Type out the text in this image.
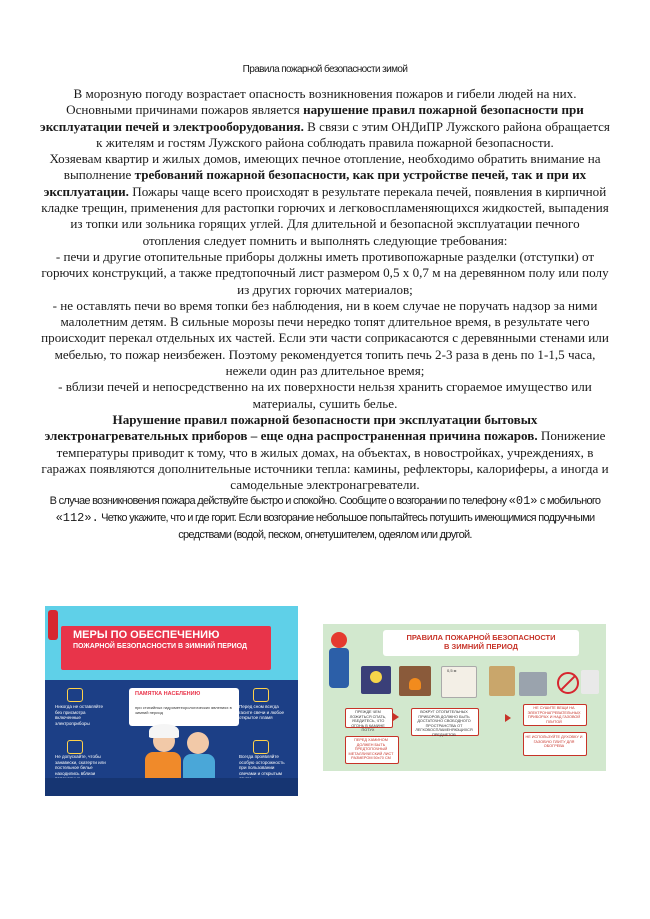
Правила пожарной безопасности зимой

В морозную погоду возрастает опасность возникновения пожаров и гибели людей на них. Основными причинами пожаров является нарушение правил пожарной безопасности при эксплуатации печей и электрооборудования. В связи с этим ОНДиПР Лужского района обращается к жителям и гостям Лужского района соблюдать правила пожарной безопасности.

Хозяевам квартир и жилых домов, имеющих печное отопление, необходимо обратить внимание на выполнение требований пожарной безопасности, как при устройстве печей, так и при их эксплуатации. Пожары чаще всего происходят в результате перекала печей, появления в кирпичной кладке трещин, применения для растопки горючих и легковоспламеняющихся жидкостей, выпадения из топки или зольника горящих углей. Для длительной и безопасной эксплуатации печного отопления следует помнить и выполнять следующие требования:

- печи и другие отопительные приборы должны иметь противопожарные разделки (отступки) от горючих конструкций, а также предтопочный лист размером 0,5 х 0,7 м на деревянном полу или полу из других горючих материалов;

- не оставлять печи во время топки без наблюдения, ни в коем случае не поручать надзор за ними малолетним детям. В сильные морозы печи нередко топят длительное время, в результате чего происходит перекал отдельных их частей. Если эти части соприкасаются с деревянными стенами или мебелью, то пожар неизбежен. Поэтому рекомендуется топить печь 2-3 раза в день по 1-1,5 часа, нежели один раз длительное время;

- вблизи печей и непосредственно на их поверхности нельзя хранить сгораемое имущество или материалы, сушить белье.

Нарушение правил пожарной безопасности при эксплуатации бытовых электронагревательных приборов – еще одна распространенная причина пожаров. Понижение температуры приводит к тому, что в жилых домах, на объектах, в новостройках, учреждениях, в гаражах появляются дополнительные источники тепла: камины, рефлекторы, калориферы, а иногда и самодельные электронагреватели.

В случае возникновения пожара действуйте быстро и спокойно. Сообщите о возгорании по телефону «01» с мобильного «112». Четко укажите, что и где горит. Если возгорание небольшое попытайтесь потушить имеющимися подручными средствами (водой, песком, огнетушителем, одеялом или другой.

МЕРЫ ПО ОБЕСПЕЧЕНИЮ
ПОЖАРНОЙ БЕЗОПАСНОСТИ В ЗИМНИЙ ПЕРИОД
ПАМЯТКА НАСЕЛЕНИЮ
при стихийных гидрометеорологических явлениях в зимний период
Никогда не оставляйте без присмотра включенные электроприборы
Не допускайте, чтобы занавески, скатерти или постельное белье находились вблизи
Перед сном всегда гасите свечи и любое открытое пламя
Всегда проявляйте особую осторожность при пользовании свечами и открытым
ПРАВИЛА ПОЖАРНОЙ БЕЗОПАСНОСТИ
В ЗИМНИЙ ПЕРИОД
0,5 м
ПРЕЖДЕ ЧЕМ ЛОЖИТЬСЯ СПАТЬ, УБЕДИТЕСЬ, ЧТО ОГОНЬ В КАМИНЕ ПОТУХ
ВОКРУГ ОТОПИТЕЛЬНЫХ ПРИБОРОВ ДОЛЖНО БЫТЬ ДОСТАТОЧНО СВОБОДНОГО ПРОСТРАНСТВА ОТ ЛЕГКОВОСПЛАМЕНЯЮЩИХСЯ ПРЕДМЕТОВ
НЕ СУШИТЕ ВЕЩИ НА ЭЛЕКТРОНАГРЕВАТЕЛЬНЫХ ПРИБОРАХ И НАД ГАЗОВОЙ ПЛИТОЙ
ПЕРЕД ХАМИНОМ ДОЛЖЕН БЫТЬ ПРЕДТОПОЧНЫЙ МЕТАЛЛИЧЕСКИЙ ЛИСТ РАЗМЕРОМ 50х70 СМ
НЕ ИСПОЛЬЗУЙТЕ ДУХОВКУ И ГАЗОВУЮ ПЛИТУ ДЛЯ ОБОГРЕВА
